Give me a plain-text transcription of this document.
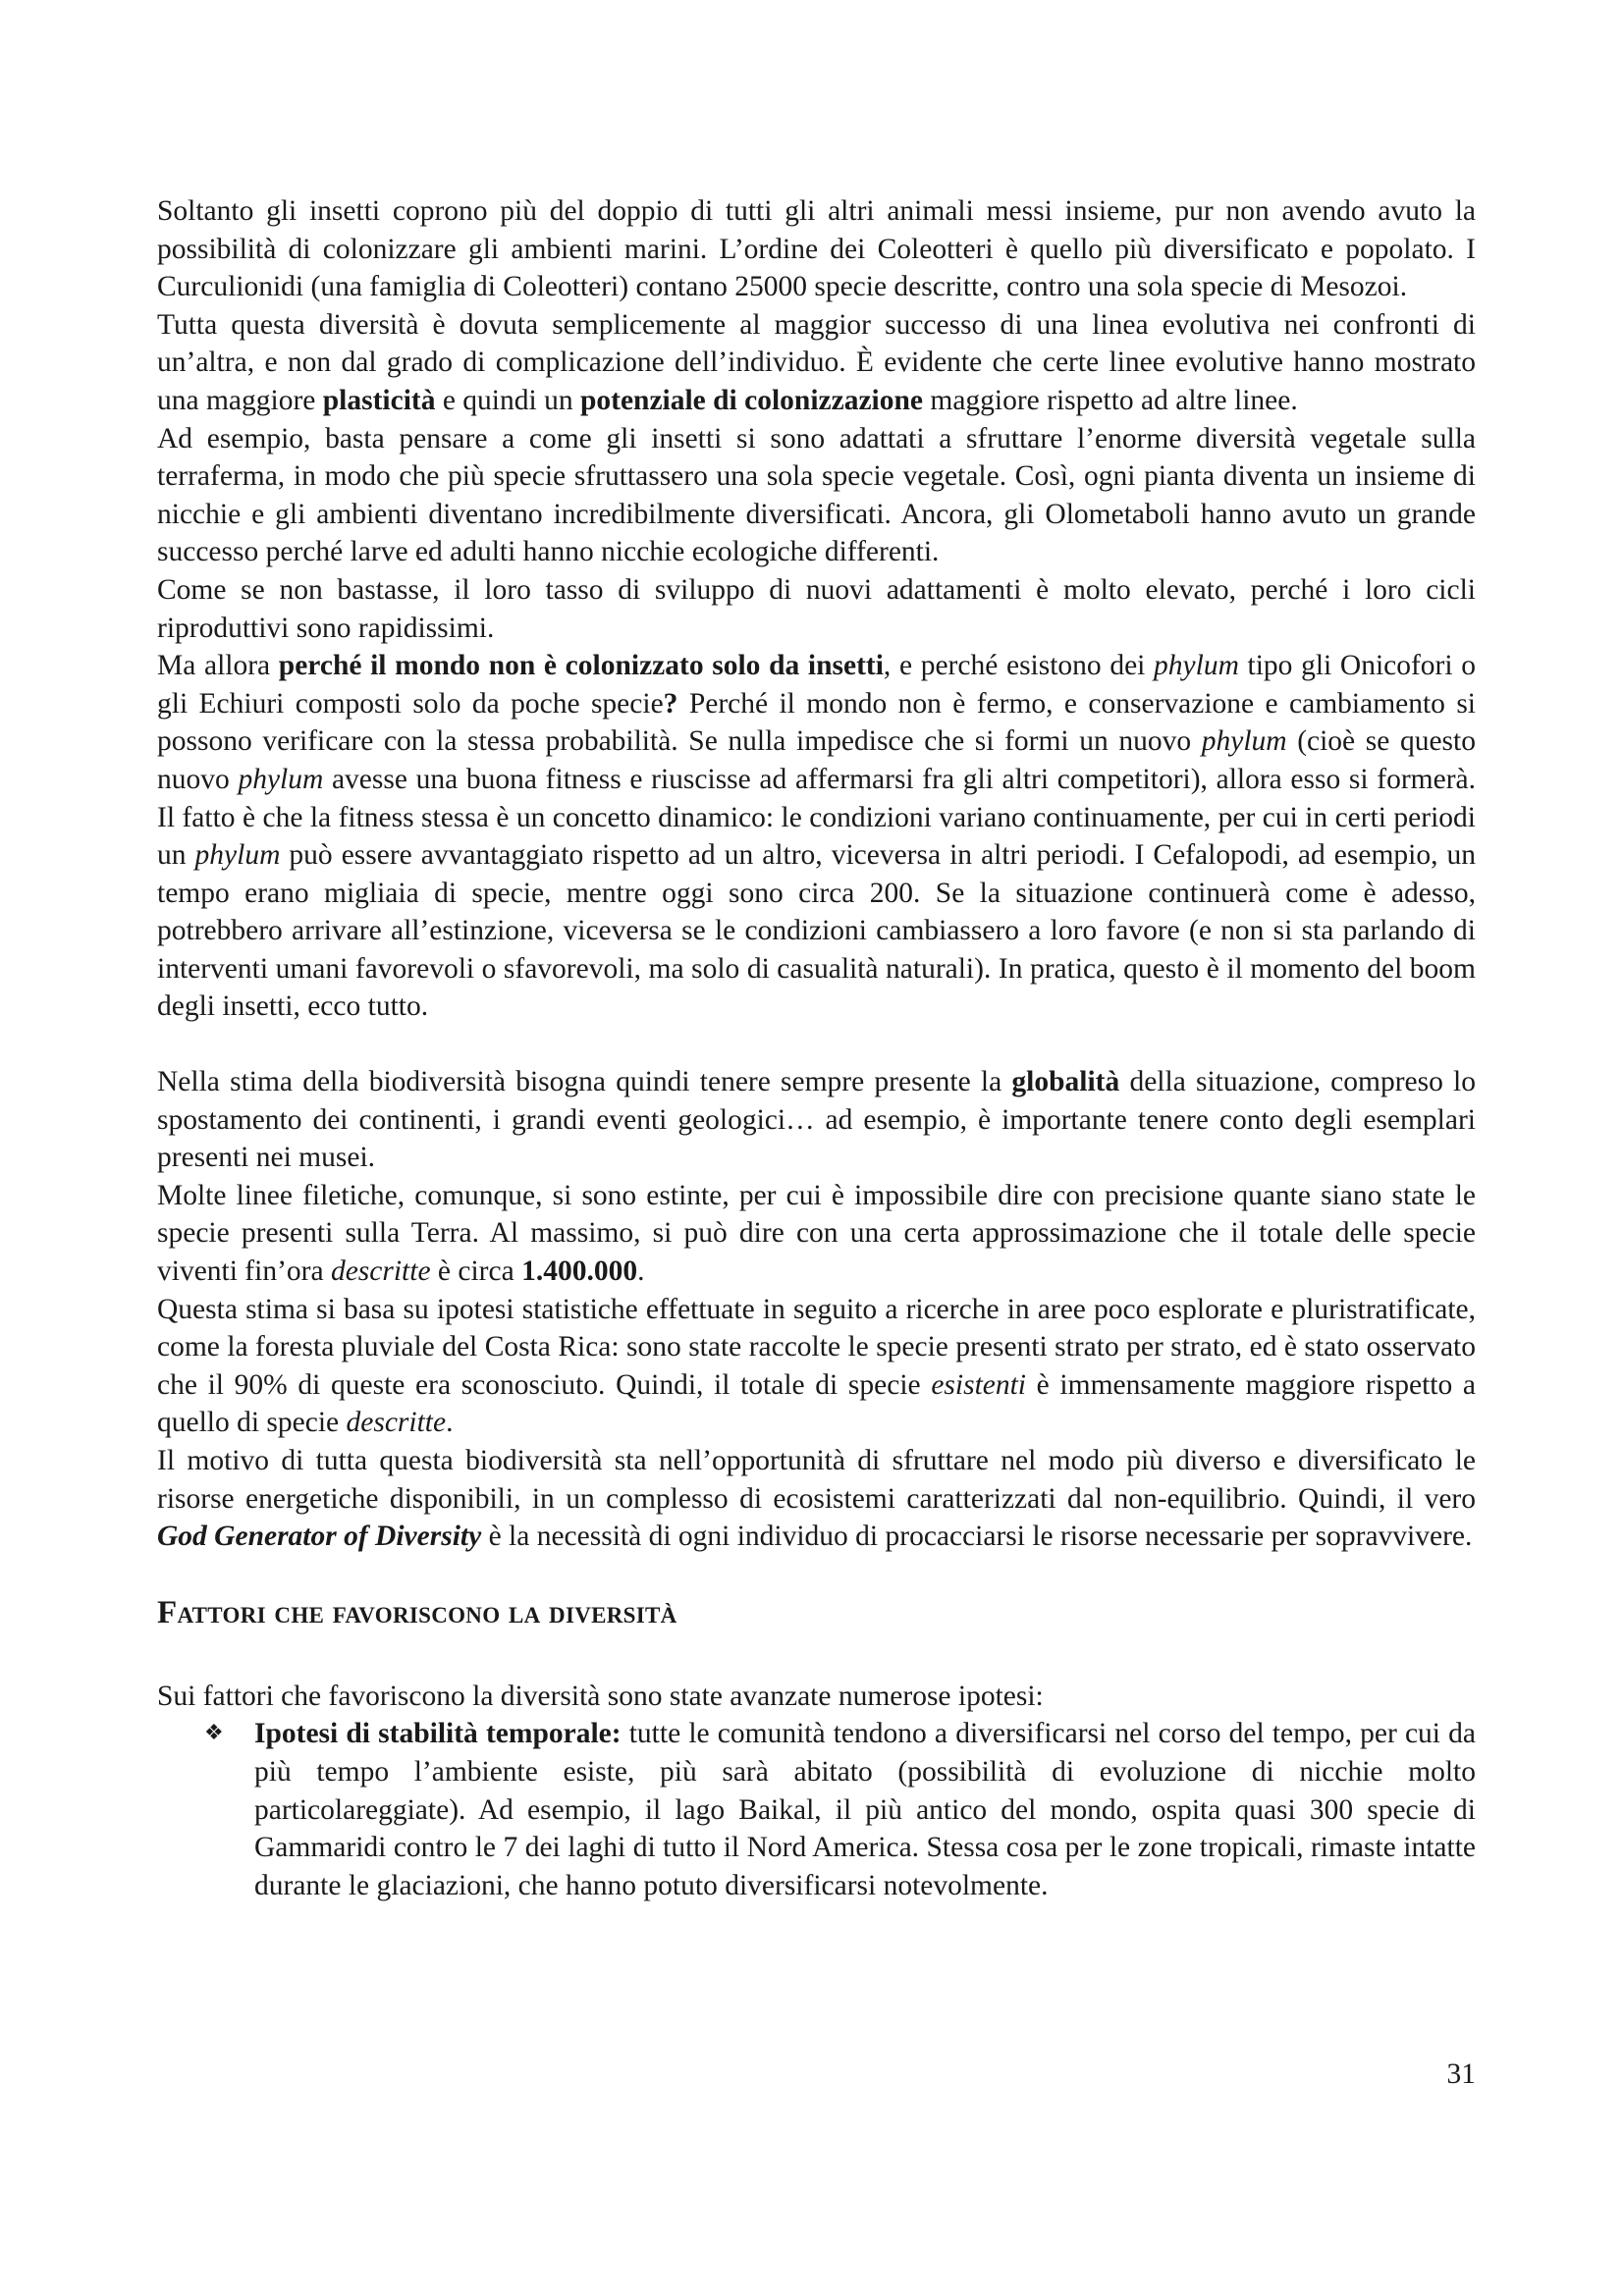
Soltanto gli insetti coprono più del doppio di tutti gli altri animali messi insieme, pur non avendo avuto la possibilità di colonizzare gli ambienti marini. L’ordine dei Coleotteri è quello più diversificato e popolato. I Curculionidi (una famiglia di Coleotteri) contano 25000 specie descritte, contro una sola specie di Mesozoi.

Tutta questa diversità è dovuta semplicemente al maggior successo di una linea evolutiva nei confronti di un’altra, e non dal grado di complicazione dell’individuo. È evidente che certe linee evolutive hanno mostrato una maggiore plasticità e quindi un potenziale di colonizzazione maggiore rispetto ad altre linee.

Ad esempio, basta pensare a come gli insetti si sono adattati a sfruttare l’enorme diversità vegetale sulla terraferma, in modo che più specie sfruttassero una sola specie vegetale. Così, ogni pianta diventa un insieme di nicchie e gli ambienti diventano incredibilmente diversificati. Ancora, gli Olometaboli hanno avuto un grande successo perché larve ed adulti hanno nicchie ecologiche differenti.

Come se non bastasse, il loro tasso di sviluppo di nuovi adattamenti è molto elevato, perché i loro cicli riproduttivi sono rapidissimi.

Ma allora perché il mondo non è colonizzato solo da insetti, e perché esistono dei phylum tipo gli Onicofori o gli Echiuri composti solo da poche specie? Perché il mondo non è fermo, e conservazione e cambiamento si possono verificare con la stessa probabilità. Se nulla impedisce che si formi un nuovo phylum (cioè se questo nuovo phylum avesse una buona fitness e riuscisse ad affermarsi fra gli altri competitori), allora esso si formerà. Il fatto è che la fitness stessa è un concetto dinamico: le condizioni variano continuamente, per cui in certi periodi un phylum può essere avvantaggiato rispetto ad un altro, viceversa in altri periodi. I Cefalopodi, ad esempio, un tempo erano migliaia di specie, mentre oggi sono circa 200. Se la situazione continuerà come è adesso, potrebbero arrivare all’estinzione, viceversa se le condizioni cambiassero a loro favore (e non si sta parlando di interventi umani favorevoli o sfavorevoli, ma solo di casualità naturali). In pratica, questo è il momento del boom degli insetti, ecco tutto.

Nella stima della biodiversità bisogna quindi tenere sempre presente la globalità della situazione, compreso lo spostamento dei continenti, i grandi eventi geologici… ad esempio, è importante tenere conto degli esemplari presenti nei musei.

Molte linee filetiche, comunque, si sono estinte, per cui è impossibile dire con precisione quante siano state le specie presenti sulla Terra. Al massimo, si può dire con una certa approssimazione che il totale delle specie viventi fin’ora descritte è circa 1.400.000.

Questa stima si basa su ipotesi statistiche effettuate in seguito a ricerche in aree poco esplorate e pluristratificate, come la foresta pluviale del Costa Rica: sono state raccolte le specie presenti strato per strato, ed è stato osservato che il 90% di queste era sconosciuto. Quindi, il totale di specie esistenti è immensamente maggiore rispetto a quello di specie descritte.

Il motivo di tutta questa biodiversità sta nell’opportunità di sfruttare nel modo più diverso e diversificato le risorse energetiche disponibili, in un complesso di ecosistemi caratterizzati dal non-equilibrio. Quindi, il vero God Generator of Diversity è la necessità di ogni individuo di procacciarsi le risorse necessarie per sopravvivere.

Fattori che favoriscono la diversità

Sui fattori che favoriscono la diversità sono state avanzate numerose ipotesi:

❖ Ipotesi di stabilità temporale: tutte le comunità tendono a diversificarsi nel corso del tempo, per cui da più tempo l’ambiente esiste, più sarà abitato (possibilità di evoluzione di nicchie molto particolareggiate). Ad esempio, il lago Baikal, il più antico del mondo, ospita quasi 300 specie di Gammaridi contro le 7 dei laghi di tutto il Nord America. Stessa cosa per le zone tropicali, rimaste intatte durante le glaciazioni, che hanno potuto diversificarsi notevolmente.
31
